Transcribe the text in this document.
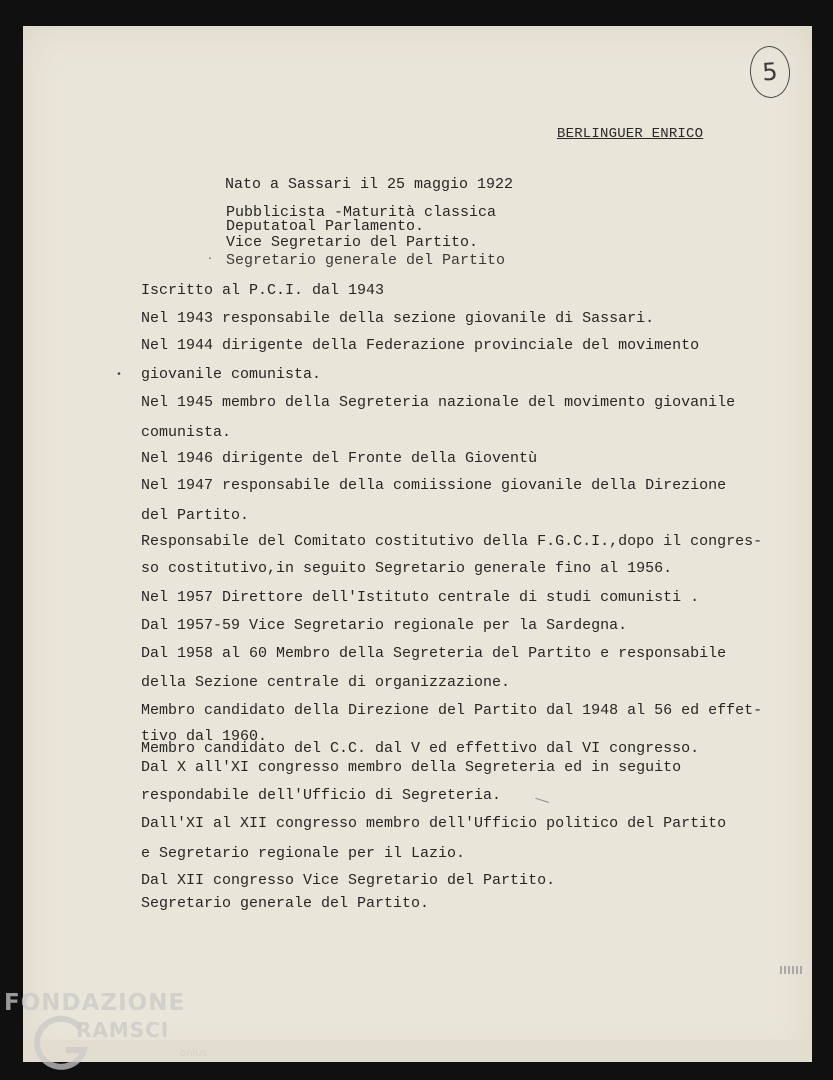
5
BERLINGUER ENRICO
Nato a Sassari il 25 maggio 1922
Pubblicista -Maturità classica
Deputatoal Parlamento.
Vice Segretario del Partito.
· Segretario generale del Partito
Iscritto al P.C.I. dal 1943
Nel 1943 responsabile della sezione giovanile di Sassari.
Nel 1944 dirigente della Federazione provinciale del movimento
• giovanile comunista.
Nel 1945 membro della Segreteria nazionale del movimento giovanile
comunista.
Nel 1946 dirigente del Fronte della Gioventù
Nel 1947 responsabile della comiissione giovanile della Direzione
del Partito.
Responsabile del Comitato costitutivo della F.G.C.I.,dopo il congres-
so costitutivo,in seguito Segretario generale fino al 1956.
Nel 1957 Direttore dell'Istituto centrale di studi comunisti .
Dal 1957-59 Vice Segretario regionale per la Sardegna.
Dal 1958 al 60 Membro della Segreteria del Partito e responsabile
della Sezione centrale di organizzazione.
Membro candidato della Direzione del Partito dal 1948 al 56 ed effet-
tivo dal 1960.
Membro candidato del C.C. dal V ed effettivo dal VI congresso.
Dal X all'XI congresso membro della Segreteria ed in seguito
respondabile dell'Ufficio di Segreteria.
Dall'XI al XII congresso membro dell'Ufficio politico del Partito
e Segretario regionale per il Lazio.
Dal XII congresso Vice Segretario del Partito.
Segretario generale del Partito.
FONDAZIONE
RAMSCI
onlus
